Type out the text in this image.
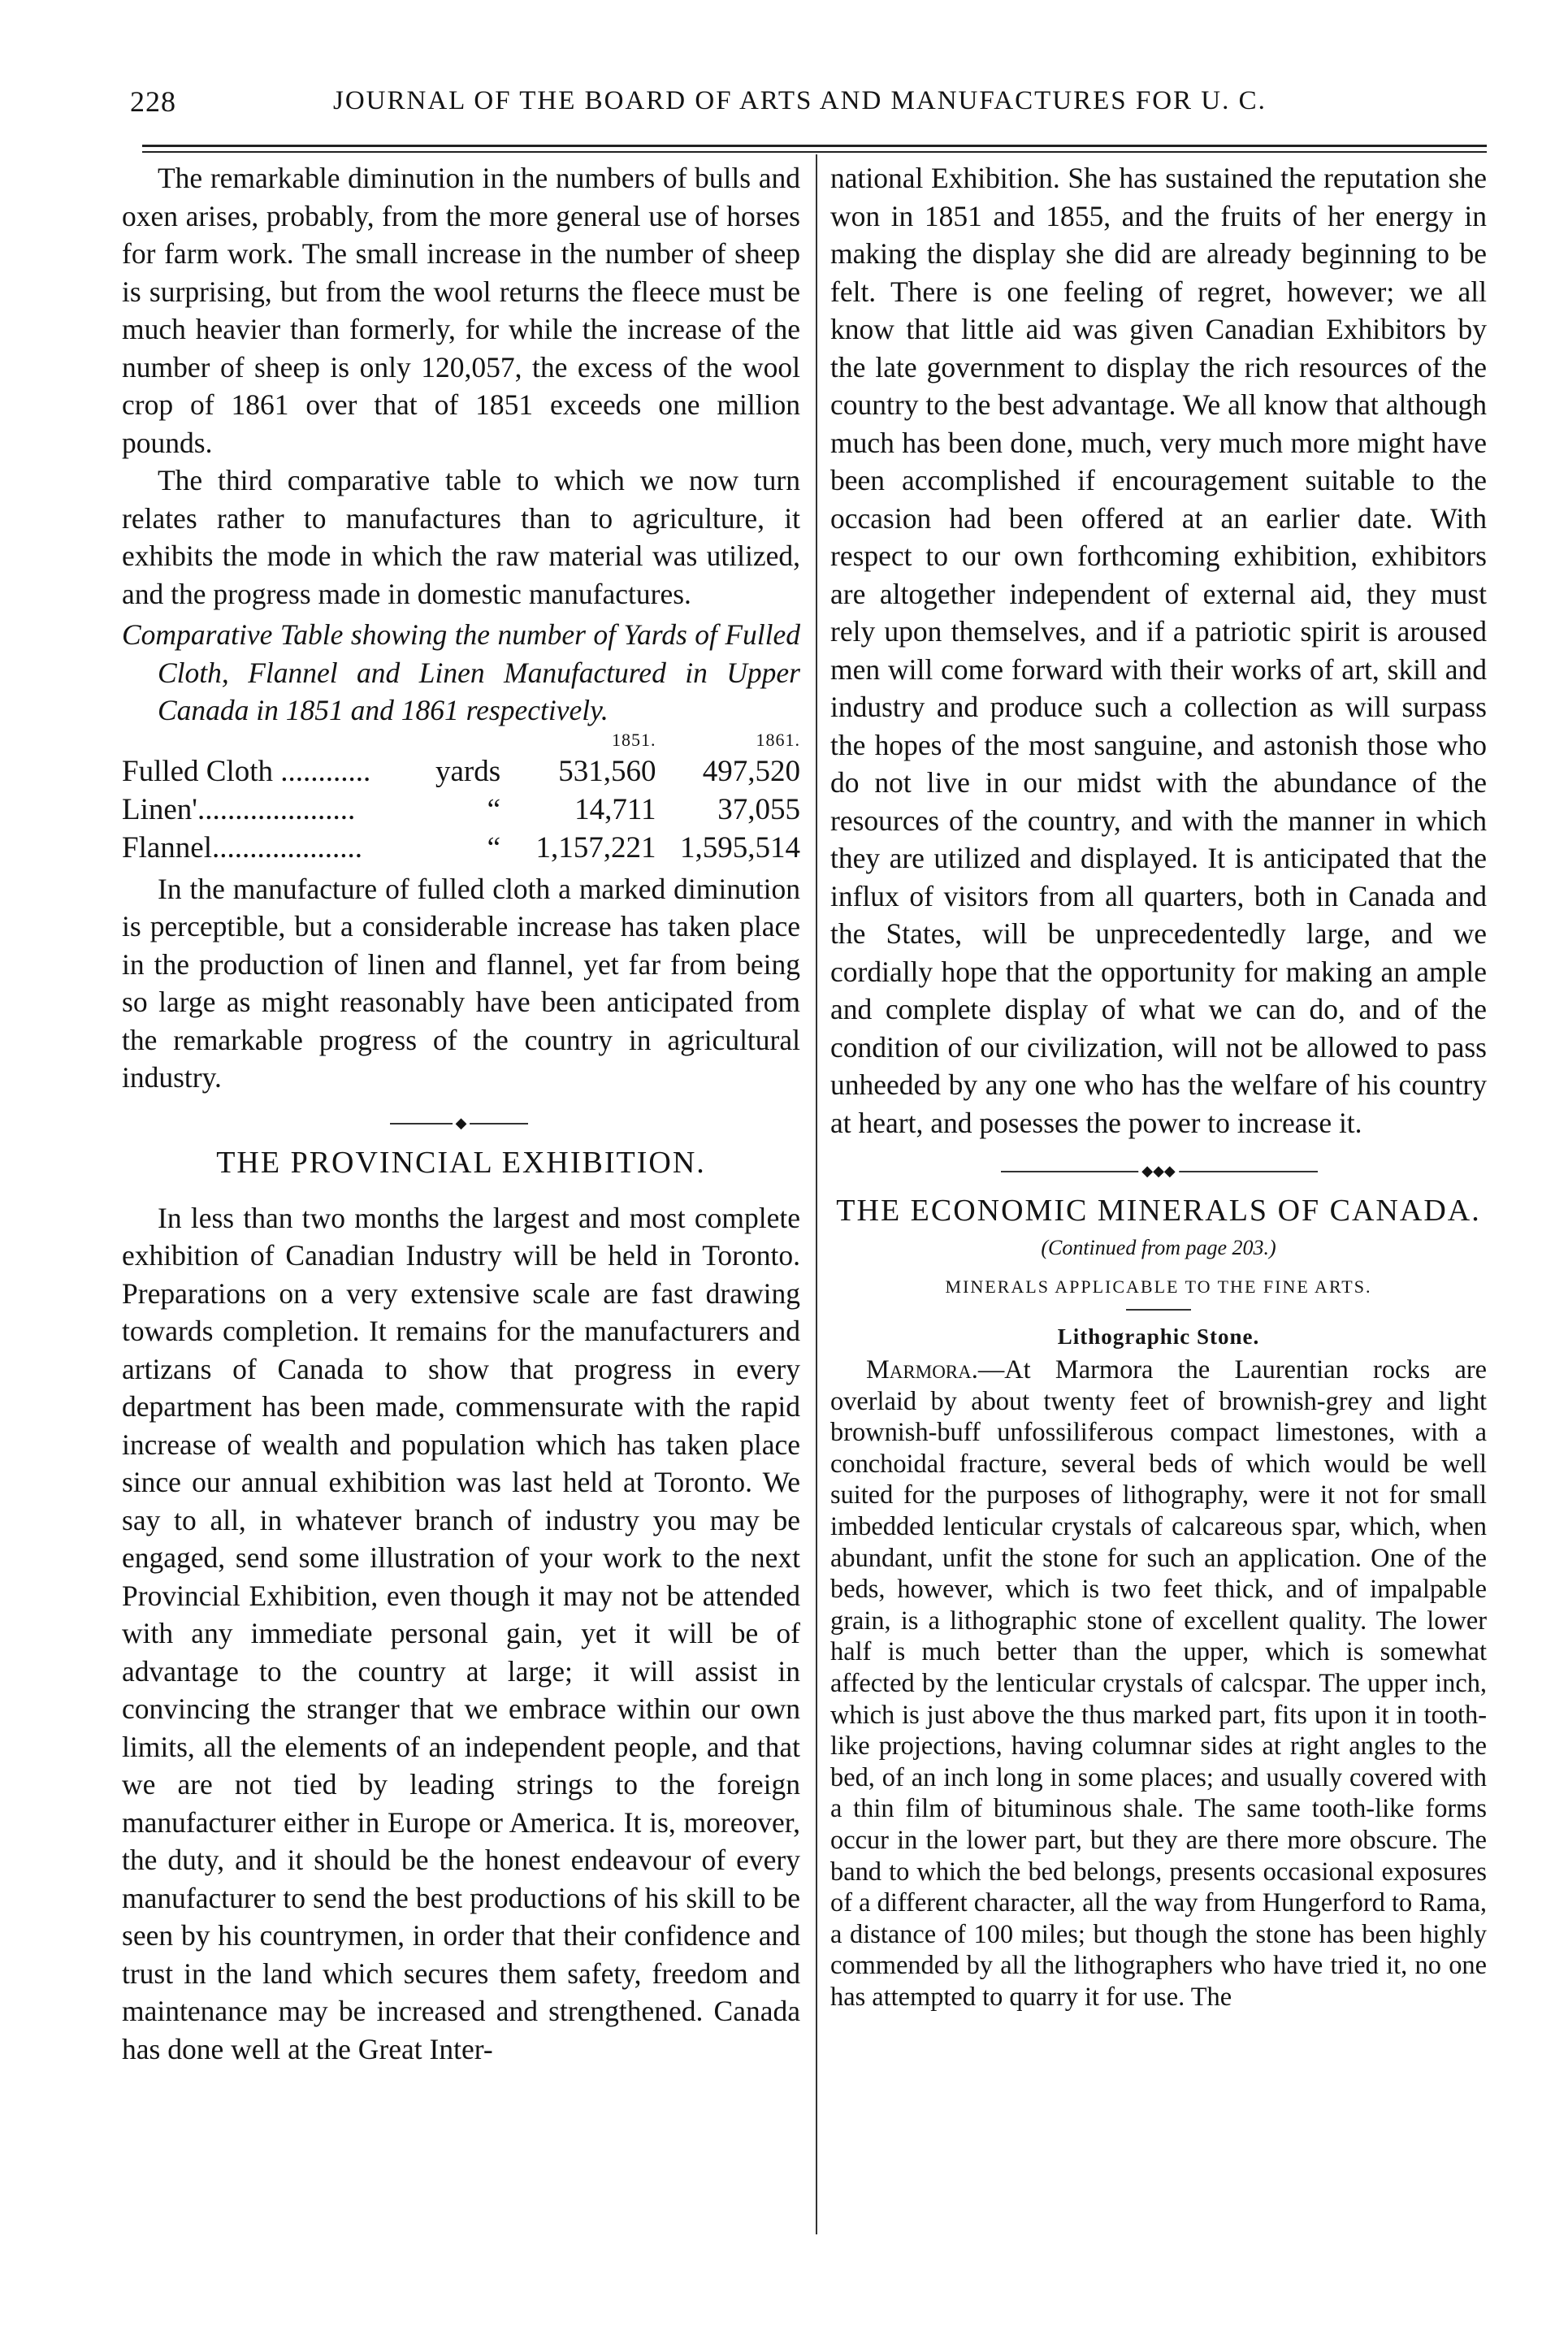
228	JOURNAL OF THE BOARD OF ARTS AND MANUFACTURES FOR U. C.

The remarkable diminution in the numbers of bulls and oxen arises, probably, from the more general use of horses for farm work. The small increase in the number of sheep is surprising, but from the wool returns the fleece must be much heavier than formerly, for while the increase of the number of sheep is only 120,057, the excess of the wool crop of 1861 over that of 1851 exceeds one million pounds.

The third comparative table to which we now turn relates rather to manufactures than to agriculture, it exhibits the mode in which the raw material was utilized, and the progress made in domestic manufactures.

Comparative Table showing the number of Yards of Fulled Cloth, Flannel and Linen Manufactured in Upper Canada in 1851 and 1861 respectively.

		1851.	1861.
Fulled Cloth ............	yards	531,560	497,520
Linen'.....................	“	14,711	37,055
Flannel....................	“	1,157,221	1,595,514

In the manufacture of fulled cloth a marked diminution is perceptible, but a considerable increase has taken place in the production of linen and flannel, yet far from being so large as might reasonably have been anticipated from the remarkable progress of the country in agricultural industry.

◆
THE PROVINCIAL EXHIBITION.

In less than two months the largest and most complete exhibition of Canadian Industry will be held in Toronto. Preparations on a very extensive scale are fast drawing towards completion. It remains for the manufacturers and artizans of Canada to show that progress in every department has been made, commensurate with the rapid increase of wealth and population which has taken place since our annual exhibition was last held at Toronto. We say to all, in whatever branch of industry you may be engaged, send some illustration of your work to the next Provincial Exhibition, even though it may not be attended with any immediate personal gain, yet it will be of advantage to the country at large; it will assist in convincing the stranger that we embrace within our own limits, all the elements of an independent people, and that we are not tied by leading strings to the foreign manufacturer either in Europe or America. It is, moreover, the duty, and it should be the honest endeavour of every manufacturer to send the best productions of his skill to be seen by his countrymen, in order that their confidence and trust in the land which secures them safety, freedom and maintenance may be increased and strengthened. Canada has done well at the Great Inter-

national Exhibition. She has sustained the reputation she won in 1851 and 1855, and the fruits of her energy in making the display she did are already beginning to be felt. There is one feeling of regret, however; we all know that little aid was given Canadian Exhibitors by the late government to display the rich resources of the country to the best advantage. We all know that although much has been done, much, very much more might have been accomplished if encouragement suitable to the occasion had been offered at an earlier date. With respect to our own forthcoming exhibition, exhibitors are altogether independent of external aid, they must rely upon themselves, and if a patriotic spirit is aroused men will come forward with their works of art, skill and industry and produce such a collection as will surpass the hopes of the most sanguine, and astonish those who do not live in our midst with the abundance of the resources of the country, and with the manner in which they are utilized and displayed. It is anticipated that the influx of visitors from all quarters, both in Canada and the States, will be unprecedentedly large, and we cordially hope that the opportunity for making an ample and complete display of what we can do, and of the condition of our civilization, will not be allowed to pass unheeded by any one who has the welfare of his country at heart, and posesses the power to increase it.

◆◆◆
THE ECONOMIC MINERALS OF CANADA.
(Continued from page 203.)
MINERALS APPLICABLE TO THE FINE ARTS.
Lithographic Stone.

Marmora.—At Marmora the Laurentian rocks are overlaid by about twenty feet of brownish-grey and light brownish-buff unfossiliferous compact limestones, with a conchoidal fracture, several beds of which would be well suited for the purposes of lithography, were it not for small imbedded lenticular crystals of calcareous spar, which, when abundant, unfit the stone for such an application. One of the beds, however, which is two feet thick, and of impalpable grain, is a lithographic stone of excellent quality. The lower half is much better than the upper, which is somewhat affected by the lenticular crystals of calcspar. The upper inch, which is just above the thus marked part, fits upon it in tooth-like projections, having columnar sides at right angles to the bed, of an inch long in some places; and usually covered with a thin film of bituminous shale. The same tooth-like forms occur in the lower part, but they are there more obscure. The band to which the bed belongs, presents occasional exposures of a different character, all the way from Hungerford to Rama, a distance of 100 miles; but though the stone has been highly commended by all the lithographers who have tried it, no one has attempted to quarry it for use. The
